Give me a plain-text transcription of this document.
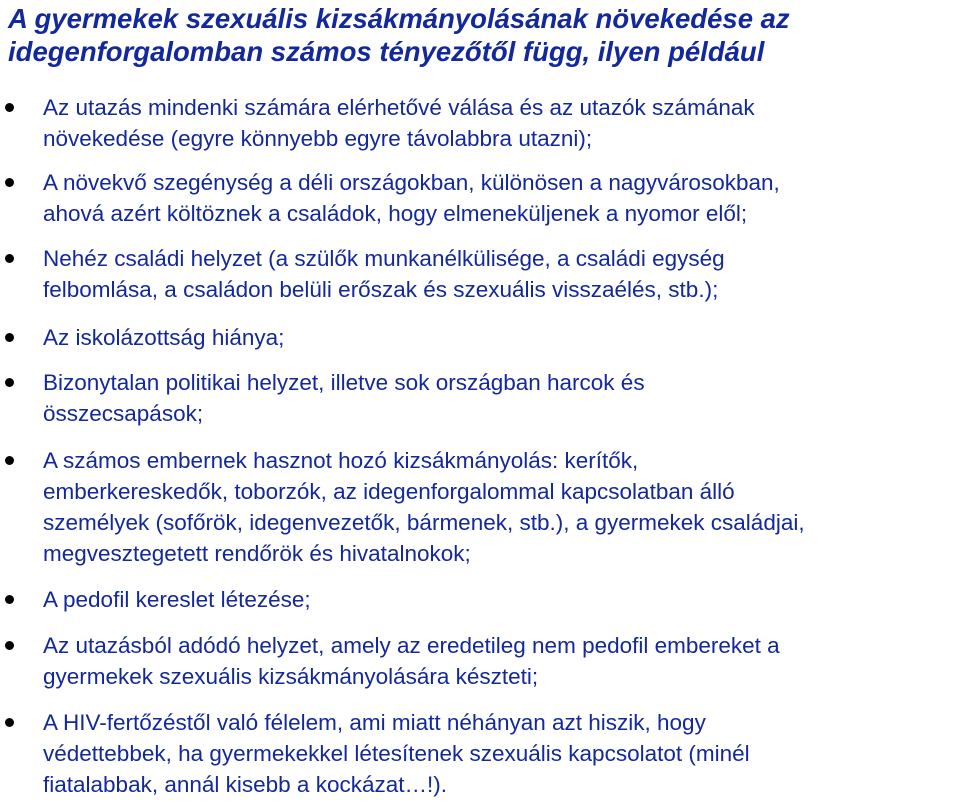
A gyermekek szexuális kizsákmányolásának növekedése az
idegenforgalomban számos tényezőtől függ, ilyen például
Az utazás mindenki számára elérhetővé válása és az utazók számának
növekedése (egyre könnyebb egyre távolabbra utazni);
A növekvő szegénység a déli országokban, különösen a nagyvárosokban,
ahová azért költöznek a családok, hogy elmeneküljenek a nyomor elől;
Nehéz családi helyzet (a szülők munkanélkülisége, a családi egység
felbomlása, a családon belüli erőszak és szexuális visszaélés, stb.);
Az iskolázottság hiánya;
Bizonytalan politikai helyzet, illetve sok országban harcok és
összecsapások;
A számos embernek hasznot hozó kizsákmányolás: kerítők,
emberkereskedők, toborzók, az idegenforgalommal kapcsolatban álló
személyek (sofőrök, idegenvezetők, bármenek, stb.), a gyermekek családjai,
megvesztegetett rendőrök és hivatalnokok;
A pedofil kereslet létezése;
Az utazásból adódó helyzet, amely az eredetileg nem pedofil embereket a
gyermekek szexuális kizsákmányolására készteti;
A HIV-fertőzéstől való félelem, ami miatt néhányan azt hiszik, hogy
védettebbek, ha gyermekekkel létesítenek szexuális kapcsolatot (minél
fiatalabbak, annál kisebb a kockázat…!).
